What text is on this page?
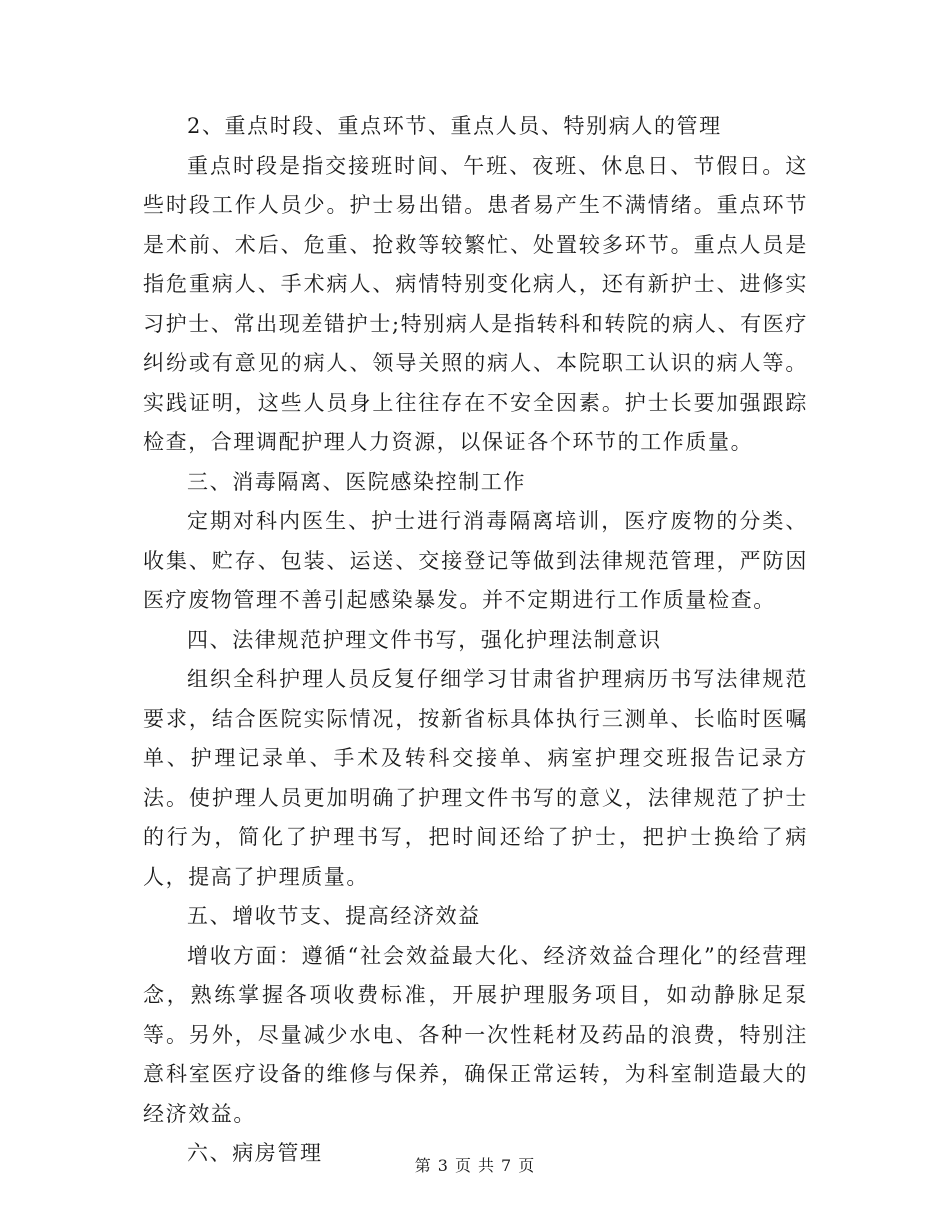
2、重点时段、重点环节、重点人员、特别病人的管理

重点时段是指交接班时间、午班、夜班、休息日、节假日。这些时段工作人员少。护士易出错。患者易产生不满情绪。重点环节是术前、术后、危重、抢救等较繁忙、处置较多环节。重点人员是指危重病人、手术病人、病情特别变化病人，还有新护士、进修实习护士、常出现差错护士;特别病人是指转科和转院的病人、有医疗纠纷或有意见的病人、领导关照的病人、本院职工认识的病人等。实践证明，这些人员身上往往存在不安全因素。护士长要加强跟踪检查，合理调配护理人力资源，以保证各个环节的工作质量。

三、消毒隔离、医院感染控制工作

定期对科内医生、护士进行消毒隔离培训，医疗废物的分类、收集、贮存、包装、运送、交接登记等做到法律规范管理，严防因医疗废物管理不善引起感染暴发。并不定期进行工作质量检查。

四、法律规范护理文件书写，强化护理法制意识

组织全科护理人员反复仔细学习甘肃省护理病历书写法律规范要求，结合医院实际情况，按新省标具体执行三测单、长临时医嘱单、护理记录单、手术及转科交接单、病室护理交班报告记录方法。使护理人员更加明确了护理文件书写的意义，法律规范了护士的行为，简化了护理书写，把时间还给了护士，把护士换给了病人，提高了护理质量。

五、增收节支、提高经济效益

增收方面：遵循“社会效益最大化、经济效益合理化”的经营理念，熟练掌握各项收费标准，开展护理服务项目，如动静脉足泵等。另外，尽量减少水电、各种一次性耗材及药品的浪费，特别注意科室医疗设备的维修与保养，确保正常运转，为科室制造最大的经济效益。

六、病房管理

第 3 页 共 7 页
